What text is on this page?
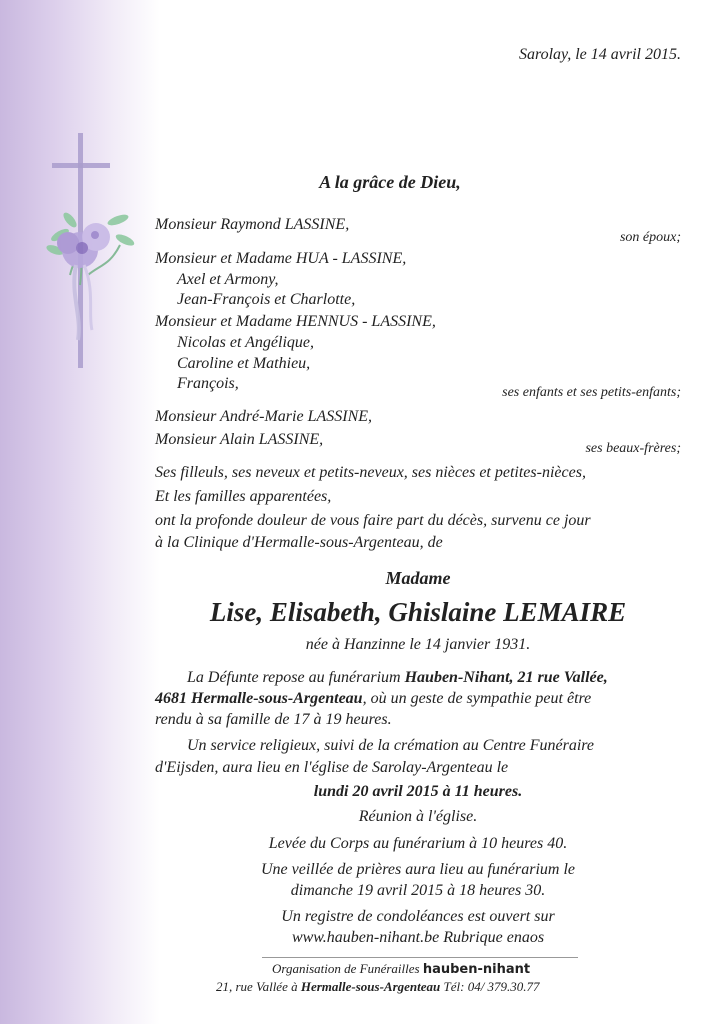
Sarolay, le 14 avril 2015.
A la grâce de Dieu,
Monsieur Raymond LASSINE,
son époux;
Monsieur et Madame HUA - LASSINE,
Axel et Armony,
Jean-François et Charlotte,
Monsieur et Madame HENNUS - LASSINE,
Nicolas et Angélique,
Caroline et Mathieu,
François,
ses enfants et ses petits-enfants;
Monsieur André-Marie LASSINE,
Monsieur Alain LASSINE,
ses beaux-frères;
Ses filleuls, ses neveux et petits-neveux, ses nièces et petites-nièces,
Et les familles apparentées,
ont la profonde douleur de vous faire part du décès, survenu ce jour
à la Clinique d'Hermalle-sous-Argenteau, de
Madame
Lise, Elisabeth, Ghislaine LEMAIRE
née à Hanzinne le 14 janvier 1931.
La Défunte repose au funérarium Hauben-Nihant, 21 rue Vallée,
4681 Hermalle-sous-Argenteau, où un geste de sympathie peut être
rendu à sa famille de 17 à 19 heures.
Un service religieux, suivi de la crémation au Centre Funéraire
d'Eijsden, aura lieu en l'église de Sarolay-Argenteau le
lundi 20 avril 2015 à 11 heures.
Réunion à l'église.
Levée du Corps au funérarium à 10 heures 40.
Une veillée de prières aura lieu au funérarium le
dimanche 19 avril 2015 à 18 heures 30.
Un registre de condoléances est ouvert sur
www.hauben-nihant.be Rubrique enaos
Organisation de Funérailles hauben-nihant
21, rue Vallée à Hermalle-sous-Argenteau Tél: 04/ 379.30.77
